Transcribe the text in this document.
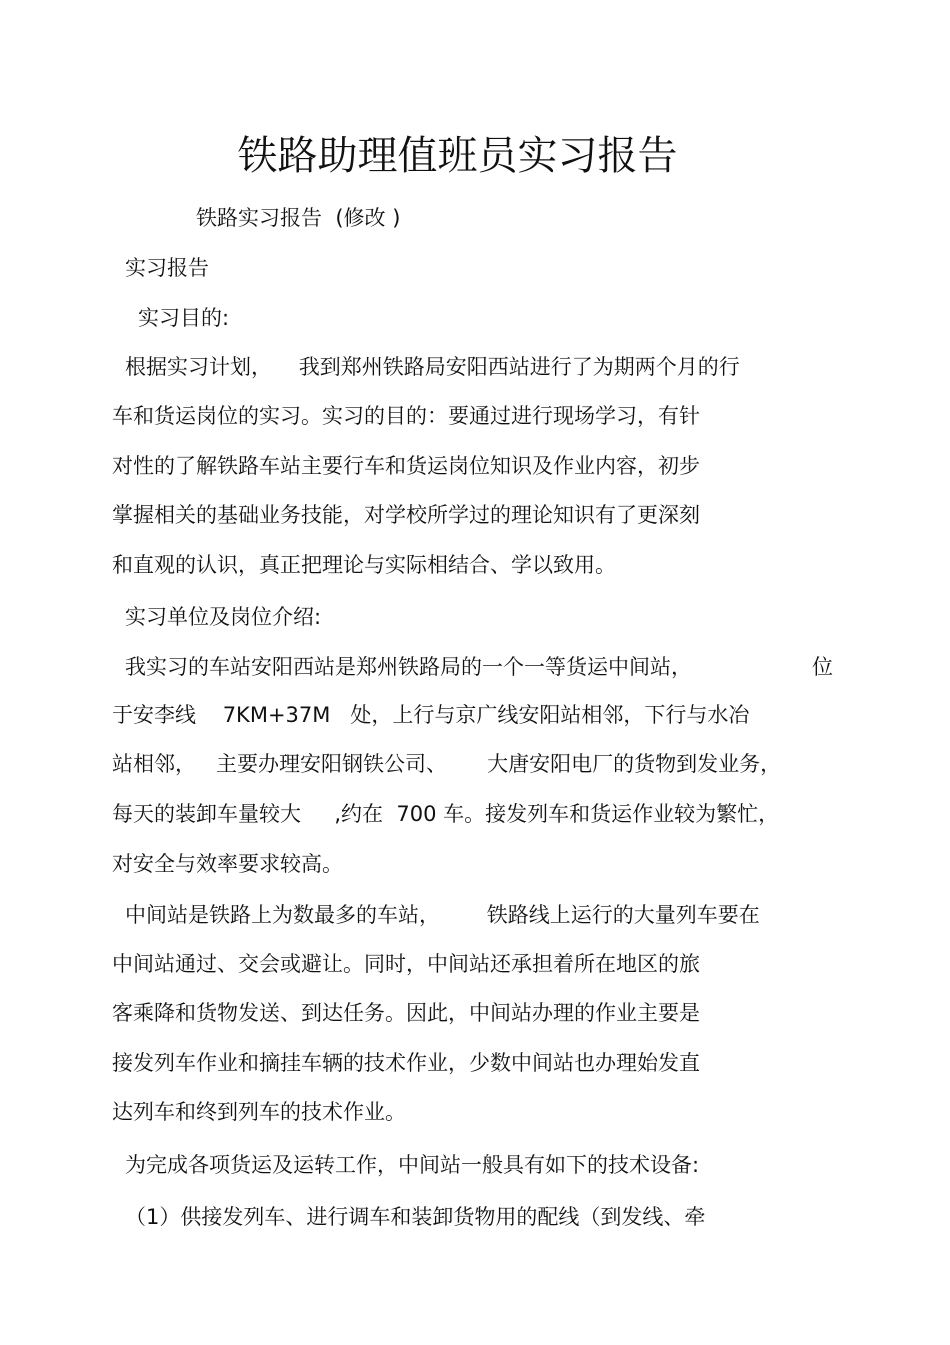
铁路助理值班员实习报告
铁路实习报告  (修改 )
实习报告
实习目的:
根据实习计划，    我到郑州铁路局安阳西站进行了为期两个月的行
车和货运岗位的实习。实习的目的：要通过进行现场学习，有针
对性的了解铁路车站主要行车和货运岗位知识及作业内容，初步
掌握相关的基础业务技能，对学校所学过的理论知识有了更深刻
和直观的认识，真正把理论与实际相结合、学以致用。
实习单位及岗位介绍:
我实习的车站安阳西站是郑州铁路局的一个一等货运中间站，	位
于安李线    7KM+37M   处，上行与京广线安阳站相邻，下行与水冶
站相邻，   主要办理安阳钢铁公司、      大唐安阳电厂的货物到发业务，
每天的装卸车量较大     ,约在  700 车。接发列车和货运作业较为繁忙，
对安全与效率要求较高。
中间站是铁路上为数最多的车站，       铁路线上运行的大量列车要在
中间站通过、交会或避让。同时，中间站还承担着所在地区的旅
客乘降和货物发送、到达任务。因此，中间站办理的作业主要是
接发列车作业和摘挂车辆的技术作业，少数中间站也办理始发直
达列车和终到列车的技术作业。
为完成各项货运及运转工作，中间站一般具有如下的技术设备:
（1）供接发列车、进行调车和装卸货物用的配线（到发线、牵
